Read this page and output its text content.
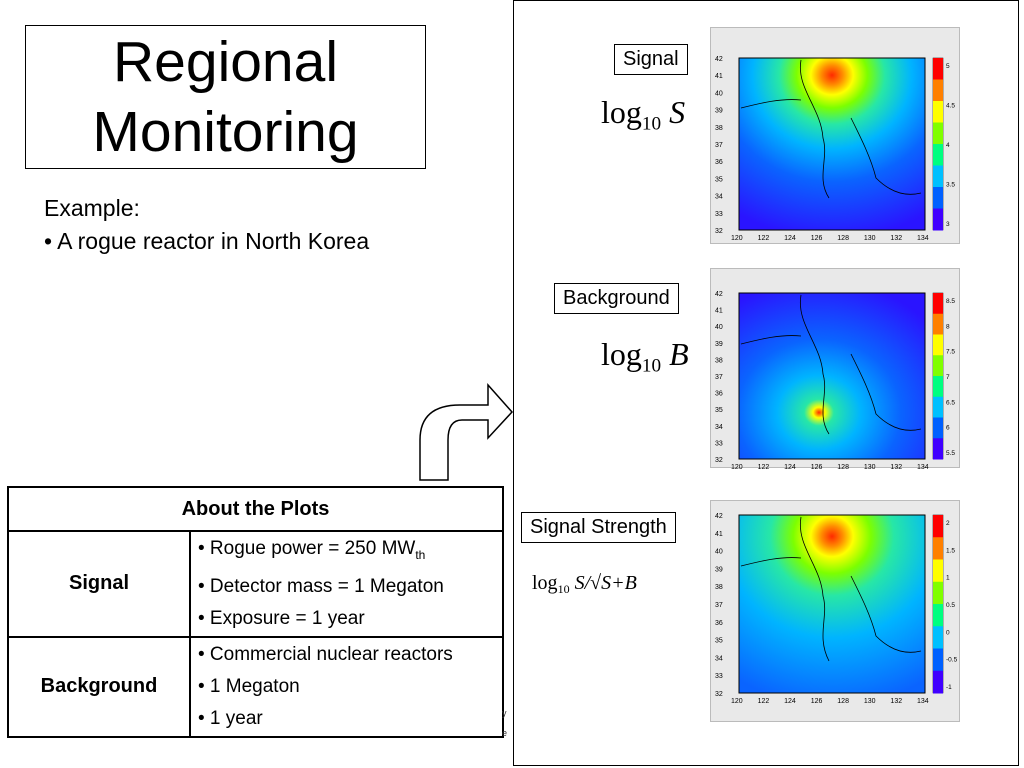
Regional Monitoring
Example:
• A rogue reactor in North Korea
42
41
40
39
38
37
36
35
34
33
32
120 122 124 126 128 130 132 134
5
4.5
4
3.5
3
42
41
40
39
38
37
36
35
34
33
32
120 122 124 126 128 130 132 134
8.5
8
7.5
7
6.5
6
5.5
42
41
40
39
38
37
36
35
34
33
32
120 122 124 126 128 130 132 134
2
1.5
1
0.5
0
-0.5
-1
Signal
$\log_{10} S$
Background
$\log_{10} B$
Signal Strength
$\log_{10} S/√S+B$
About the Plots	
Signal	• Rogue power = 250 $MW_{th}$
• Detector mass = 1 Megaton
• Exposure = 1 year

Background	• Commercial nuclear reactors
• 1 Megaton
• 1 year	y
e
